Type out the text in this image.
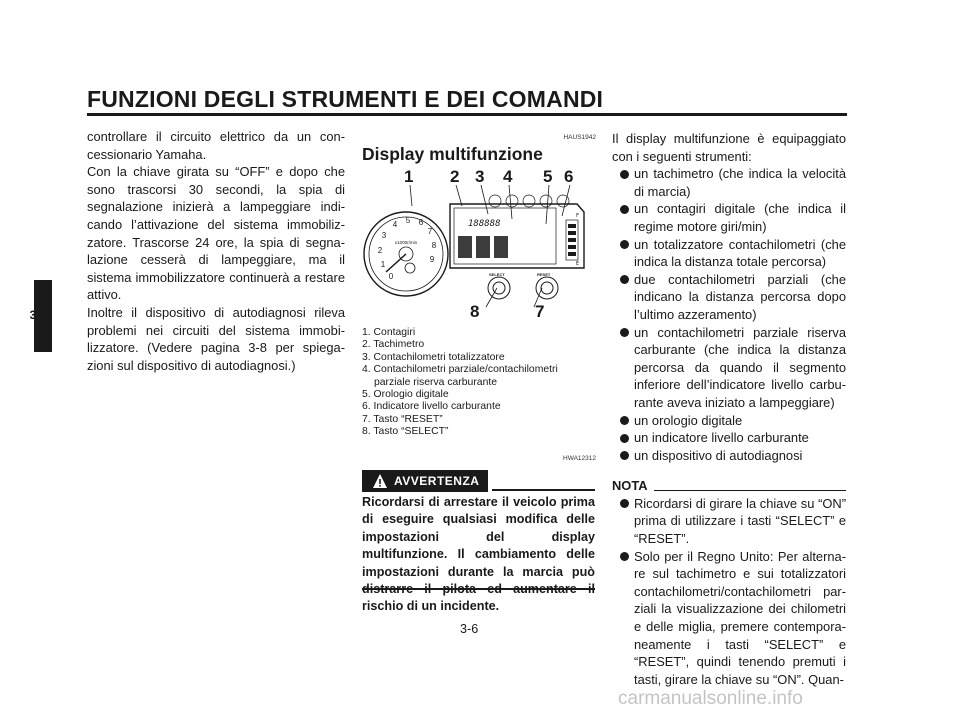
FUNZIONI DEGLI STRUMENTI E DEI COMANDI
3

controllare il circuito elettrico da un con-cessionario Yamaha.

Con la chiave girata su “OFF” e dopo che sono trascorsi 30 secondi, la spia di segnalazione inizierà a lampeggiare indi-cando l’attivazione del sistema immobiliz-zatore. Trascorse 24 ore, la spia di segna-lazione cesserà di lampeggiare, ma il sistema immobilizzatore continuerà a restare attivo.

Inoltre il dispositivo di autodiagnosi rileva problemi nei circuiti del sistema immobi-lizzatore. (Vedere pagina 3-8 per spiega-zioni sul dispositivo di autodiagnosi.)

HAUS1942
Display multifunzione
1 2 3 4 5 6
7
8
0
1
2
3
4 5 6
7
8
9
x1000r/min
188888
F
E
SELECT	RESET
1. Contagiri
2. Tachimetro
3. Contachilometri totalizzatore
4. Contachilometri parziale/contachilometri parziale riserva carburante
5. Orologio digitale
6. Indicatore livello carburante
7. Tasto “RESET”
8. Tasto “SELECT”
HWA12312
AVVERTENZA
Ricordarsi di arrestare il veicolo prima di eseguire qualsiasi modifica delle impostazioni del display multifunzione. Il cambiamento delle impostazioni durante la marcia può rischio di un incidente.

Il display multifunzione è equipaggiato con i seguenti strumenti:

un tachimetro (che indica la velocità di marcia)
un contagiri digitale (che indica il regime motore giri/min)
un totalizzatore contachilometri (che indica la distanza totale percorsa)
due contachilometri parziali (che indicano la distanza percorsa dopo l’ultimo azzeramento)
un contachilometri parziale riserva carburante (che indica la distanza percorsa da quando il segmento inferiore dell’indicatore livello carbu-rante aveva iniziato a lampeggiare)
un orologio digitale
un indicatore livello carburante
un dispositivo di autodiagnosi
NOTA
Ricordarsi di girare la chiave su “ON” prima di utilizzare i tasti “SELECT” e “RESET”.
Solo per il Regno Unito: Per alterna-re sul tachimetro e sui totalizzatori contachilometri/contachilometri par-ziali la visualizzazione dei chilometri e delle miglia, premere contempora-neamente i tasti “SELECT” e “RESET”, quindi tenendo premuti i tasti, girare la chiave su “ON”. Quan-
3-6
carmanualsonline.info
